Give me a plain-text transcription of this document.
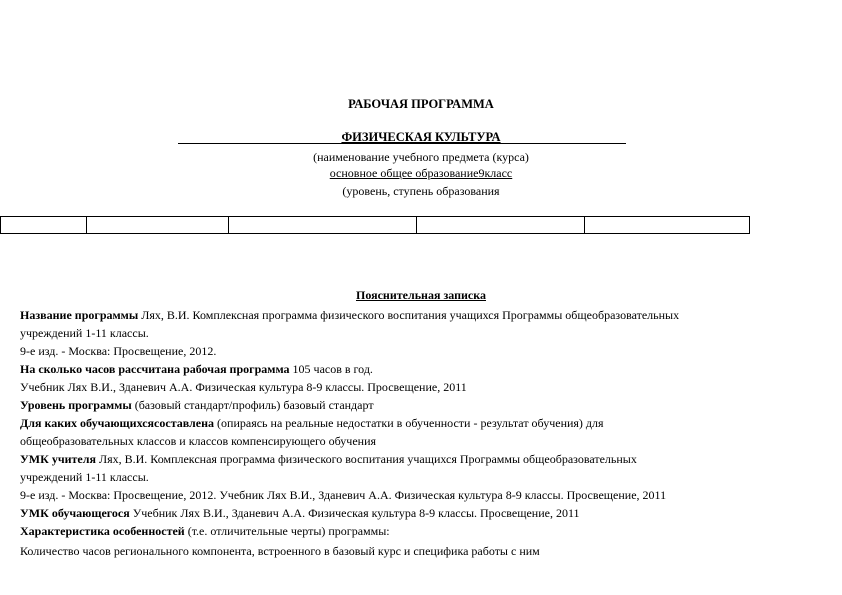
РАБОЧАЯ ПРОГРАММА
ФИЗИЧЕСКАЯ КУЛЬТУРА
(наименование учебного предмета (курса)
основное общее образование9класс
(уровень, ступень образования

Пояснительная записка
Название программы Лях, В.И. Комплексная программа физического воспитания учащихся Программы общеобразовательных
учреждений 1-11 классы.
9-е изд. - Москва: Просвещение, 2012.
На сколько часов рассчитана рабочая программа 105 часов в год.
Учебник Лях В.И., Зданевич А.А. Физическая культура 8-9 классы. Просвещение, 2011
Уровень программы (базовый стандарт/профиль) базовый стандарт
Для каких обучающихсясоставлена (опираясь на реальные недостатки в обученности - результат обучения) для
общеобразовательных классов и классов компенсирующего обучения
УМК учителя Лях, В.И. Комплексная программа физического воспитания учащихся Программы общеобразовательных
учреждений 1-11 классы.
9-е изд. - Москва: Просвещение, 2012. Учебник Лях В.И., Зданевич А.А. Физическая культура 8-9 классы. Просвещение, 2011
УМК обучающегося Учебник Лях В.И., Зданевич А.А. Физическая культура 8-9 классы. Просвещение, 2011
Характеристика особенностей (т.е. отличительные черты) программы:
Количество часов регионального компонента, встроенного в базовый курс и специфика работы с ним
